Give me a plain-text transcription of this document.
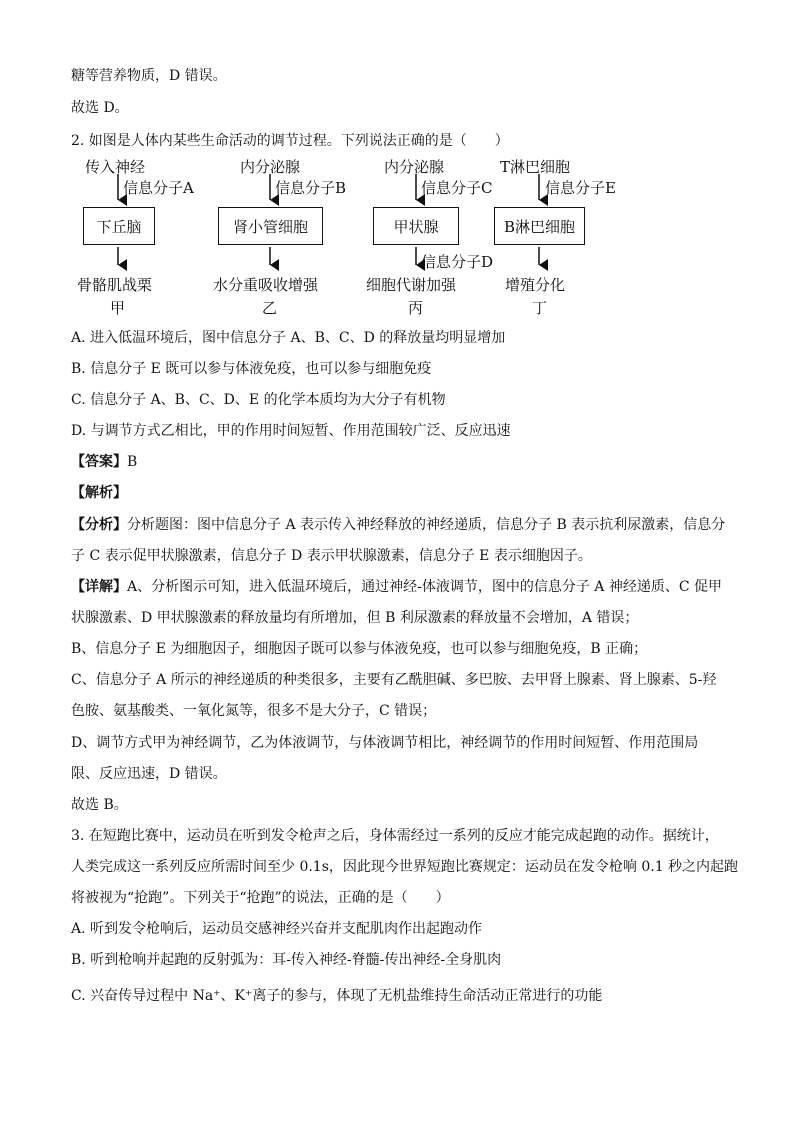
糖等营养物质，D 错误。
故选 D。
2. 如图是人体内某些生命活动的调节过程。下列说法正确的是（　　）
传入神经
信息分子A
下丘脑
骨骼肌战栗
甲
内分泌腺
信息分子B
肾小管细胞
水分重吸收增强
乙
内分泌腺
信息分子C
甲状腺
信息分子D
细胞代谢加强
丙
T淋巴细胞
信息分子E
B淋巴细胞
增殖分化
丁
A. 进入低温环境后，图中信息分子 A、B、C、D 的释放量均明显增加
B. 信息分子 E 既可以参与体液免疫，也可以参与细胞免疫
C. 信息分子 A、B、C、D、E 的化学本质均为大分子有机物
D. 与调节方式乙相比，甲的作用时间短暂、作用范围较广泛、反应迅速
【答案】B
【解析】
【分析】分析题图：图中信息分子 A 表示传入神经释放的神经递质，信息分子 B 表示抗利尿激素，信息分
子 C 表示促甲状腺激素，信息分子 D 表示甲状腺激素，信息分子 E 表示细胞因子。
【详解】A、分析图示可知，进入低温环境后，通过神经-体液调节，图中的信息分子 A 神经递质、C 促甲
状腺激素、D 甲状腺激素的释放量均有所增加，但 B 利尿激素的释放量不会增加，A 错误；
B、信息分子 E 为细胞因子，细胞因子既可以参与体液免疫，也可以参与细胞免疫，B 正确；
C、信息分子 A 所示的神经递质的种类很多，主要有乙酰胆碱、多巴胺、去甲肾上腺素、肾上腺素、5-羟
色胺、氨基酸类、一氧化氮等，很多不是大分子，C 错误；
D、调节方式甲为神经调节，乙为体液调节，与体液调节相比，神经调节的作用时间短暂、作用范围局
限、反应迅速，D 错误。
故选 B。
3. 在短跑比赛中，运动员在听到发令枪声之后，身体需经过一系列的反应才能完成起跑的动作。据统计，
人类完成这一系列反应所需时间至少 0.1s，因此现今世界短跑比赛规定：运动员在发令枪响 0.1 秒之内起跑
将被视为“抢跑”。下列关于“抢跑”的说法，正确的是（　　）
A. 听到发令枪响后，运动员交感神经兴奋并支配肌肉作出起跑动作
B. 听到枪响并起跑的反射弧为：耳-传入神经-脊髓-传出神经-全身肌肉
C. 兴奋传导过程中 Na⁺、K⁺离子的参与，体现了无机盐维持生命活动正常进行的功能
